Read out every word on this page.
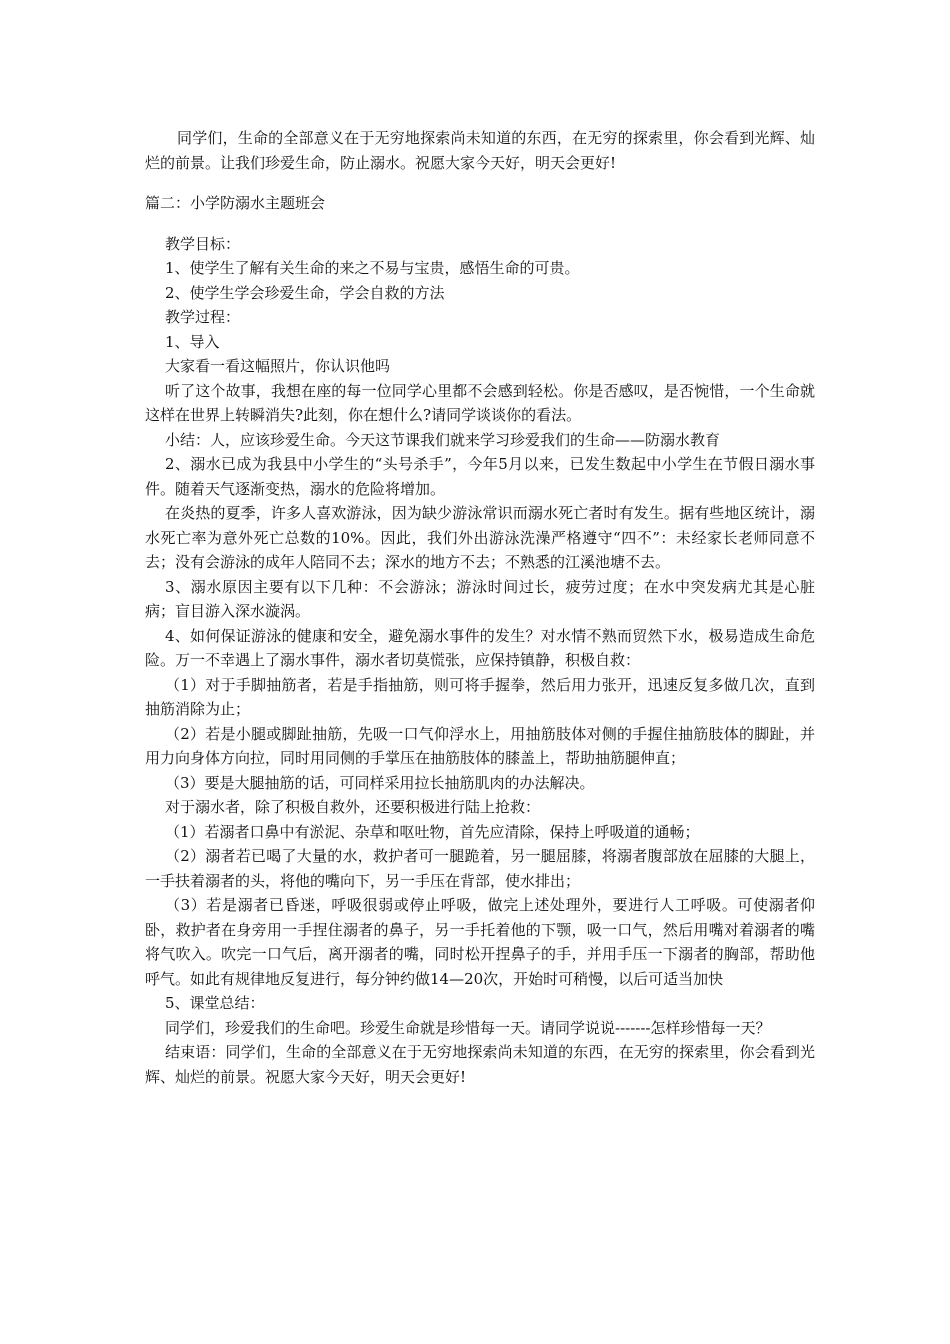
同学们，生命的全部意义在于无穷地探索尚未知道的东西，在无穷的探索里，你会看到光辉、灿烂的前景。让我们珍爱生命，防止溺水。祝愿大家今天好，明天会更好!

篇二：小学防溺水主题班会

教学目标：

1、使学生了解有关生命的来之不易与宝贵，感悟生命的可贵。

2、使学生学会珍爱生命，学会自救的方法

教学过程：

1、导入

大家看一看这幅照片，你认识他吗

听了这个故事，我想在座的每一位同学心里都不会感到轻松。你是否感叹，是否惋惜，一个生命就这样在世界上转瞬消失?此刻，你在想什么?请同学谈谈你的看法。

小结：人，应该珍爱生命。今天这节课我们就来学习珍爱我们的生命——防溺水教育

2、溺水已成为我县中小学生的“头号杀手”，今年5月以来，已发生数起中小学生在节假日溺水事件。随着天气逐渐变热，溺水的危险将增加。

在炎热的夏季，许多人喜欢游泳，因为缺少游泳常识而溺水死亡者时有发生。据有些地区统计，溺水死亡率为意外死亡总数的10%。因此，我们外出游泳洗澡严格遵守“四不”：未经家长老师同意不去；没有会游泳的成年人陪同不去；深水的地方不去；不熟悉的江溪池塘不去。

3、溺水原因主要有以下几种：不会游泳；游泳时间过长，疲劳过度；在水中突发病尤其是心脏病；盲目游入深水漩涡。

4、如何保证游泳的健康和安全，避免溺水事件的发生？对水情不熟而贸然下水，极易造成生命危险。万一不幸遇上了溺水事件，溺水者切莫慌张，应保持镇静，积极自救：

（1）对于手脚抽筋者，若是手指抽筋，则可将手握拳，然后用力张开，迅速反复多做几次，直到抽筋消除为止；

（2）若是小腿或脚趾抽筋，先吸一口气仰浮水上，用抽筋肢体对侧的手握住抽筋肢体的脚趾，并用力向身体方向拉，同时用同侧的手掌压在抽筋肢体的膝盖上，帮助抽筋腿伸直；

（3）要是大腿抽筋的话，可同样采用拉长抽筋肌肉的办法解决。

对于溺水者，除了积极自救外，还要积极进行陆上抢救：

（1）若溺者口鼻中有淤泥、杂草和呕吐物，首先应清除，保持上呼吸道的通畅；

（2）溺者若已喝了大量的水，救护者可一腿跪着，另一腿屈膝，将溺者腹部放在屈膝的大腿上，一手扶着溺者的头，将他的嘴向下，另一手压在背部，使水排出；

（3）若是溺者已昏迷，呼吸很弱或停止呼吸，做完上述处理外，要进行人工呼吸。可使溺者仰卧，救护者在身旁用一手捏住溺者的鼻子，另一手托着他的下颚，吸一口气，然后用嘴对着溺者的嘴将气吹入。吹完一口气后，离开溺者的嘴，同时松开捏鼻子的手，并用手压一下溺者的胸部，帮助他呼气。如此有规律地反复进行，每分钟约做14—20次，开始时可稍慢，以后可适当加快

5、课堂总结：

同学们，珍爱我们的生命吧。珍爱生命就是珍惜每一天。请同学说说-------怎样珍惜每一天？

结束语：同学们，生命的全部意义在于无穷地探索尚未知道的东西，在无穷的探索里，你会看到光辉、灿烂的前景。祝愿大家今天好，明天会更好!
